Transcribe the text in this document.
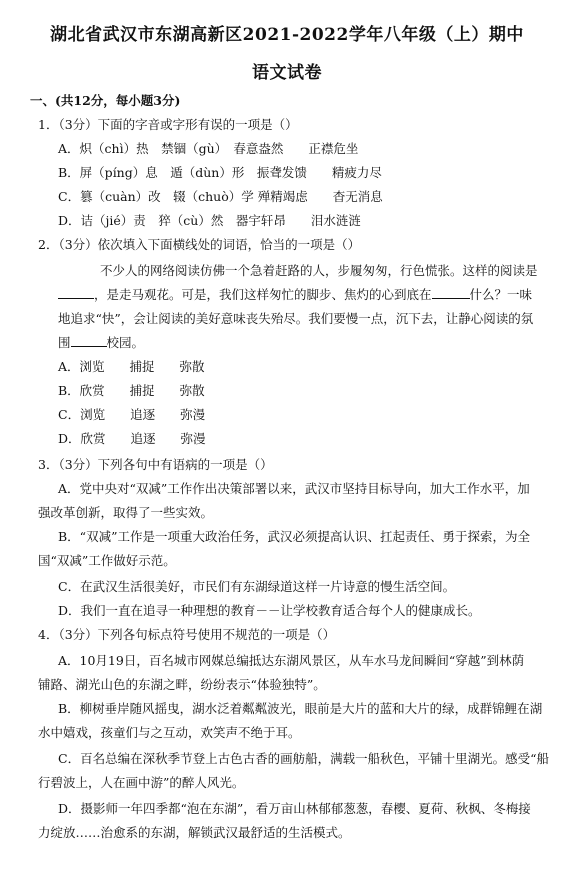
湖北省武汉市东湖高新区2021-2022学年八年级（上）期中
语文试卷
一、(共12分，每小题3分)
1．（3分）下面的字音或字形有误的一项是（）
A．炽（chì）热　禁锢（gù）　春意盎然　　正襟危坐
B．屏（píng）息　遁（dùn）形　振聋发馈　　精疲力尽
C．篡（cuàn）改　辍（chuò）学 殚精竭虑　　杳无消息
D．诘（jié）责　猝（cù）然　器宇轩昂　　泪水涟涟
2．（3分）依次填入下面横线处的词语，恰当的一项是（）
不少人的网络阅读仿佛一个急着赶路的人，步履匆匆，行色慌张。这样的阅读是
，是走马观花。可是，我们这样匆忙的脚步、焦灼的心到底在	什么？一味
地追求“快”，会让阅读的美好意味丧失殆尽。我们要慢一点，沉下去，让静心阅读的氛
围	校园。
A．浏览　　捕捉　　弥散
B．欣赏　　捕捉　　弥散
C．浏览　　追逐　　弥漫
D．欣赏　　追逐　　弥漫
3．（3分）下列各句中有语病的一项是（）
A．党中央对“双减”工作作出决策部署以来，武汉市坚持目标导向，加大工作水平，加
强改革创新，取得了一些实效。
B．“双减”工作是一项重大政治任务，武汉必须提高认识、扛起责任、勇于探索，为全
国“双减”工作做好示范。
C．在武汉生活很美好，市民们有东湖绿道这样一片诗意的慢生活空间。
D．我们一直在追寻一种理想的教育－－让学校教育适合每个人的健康成长。
4．（3分）下列各句标点符号使用不规范的一项是（）
A．10月19日，百名城市网媒总编抵达东湖风景区，从车水马龙间瞬间“穿越”到林荫
铺路、湖光山色的东湖之畔，纷纷表示“体验独特”。
B．柳树垂岸随风摇曳，湖水泛着粼粼波光，眼前是大片的蓝和大片的绿，成群锦鲤在湖
水中嬉戏，孩童们与之互动，欢笑声不绝于耳。
C．百名总编在深秋季节登上古色古香的画舫船，满载一船秋色，平铺十里湖光。感受“船
行碧波上，人在画中游”的醉人风光。
D．摄影师一年四季都“泡在东湖”，看万亩山林郁郁葱葱，春樱、夏荷、秋枫、冬梅接
力绽放……治愈系的东湖，解锁武汉最舒适的生活模式。
